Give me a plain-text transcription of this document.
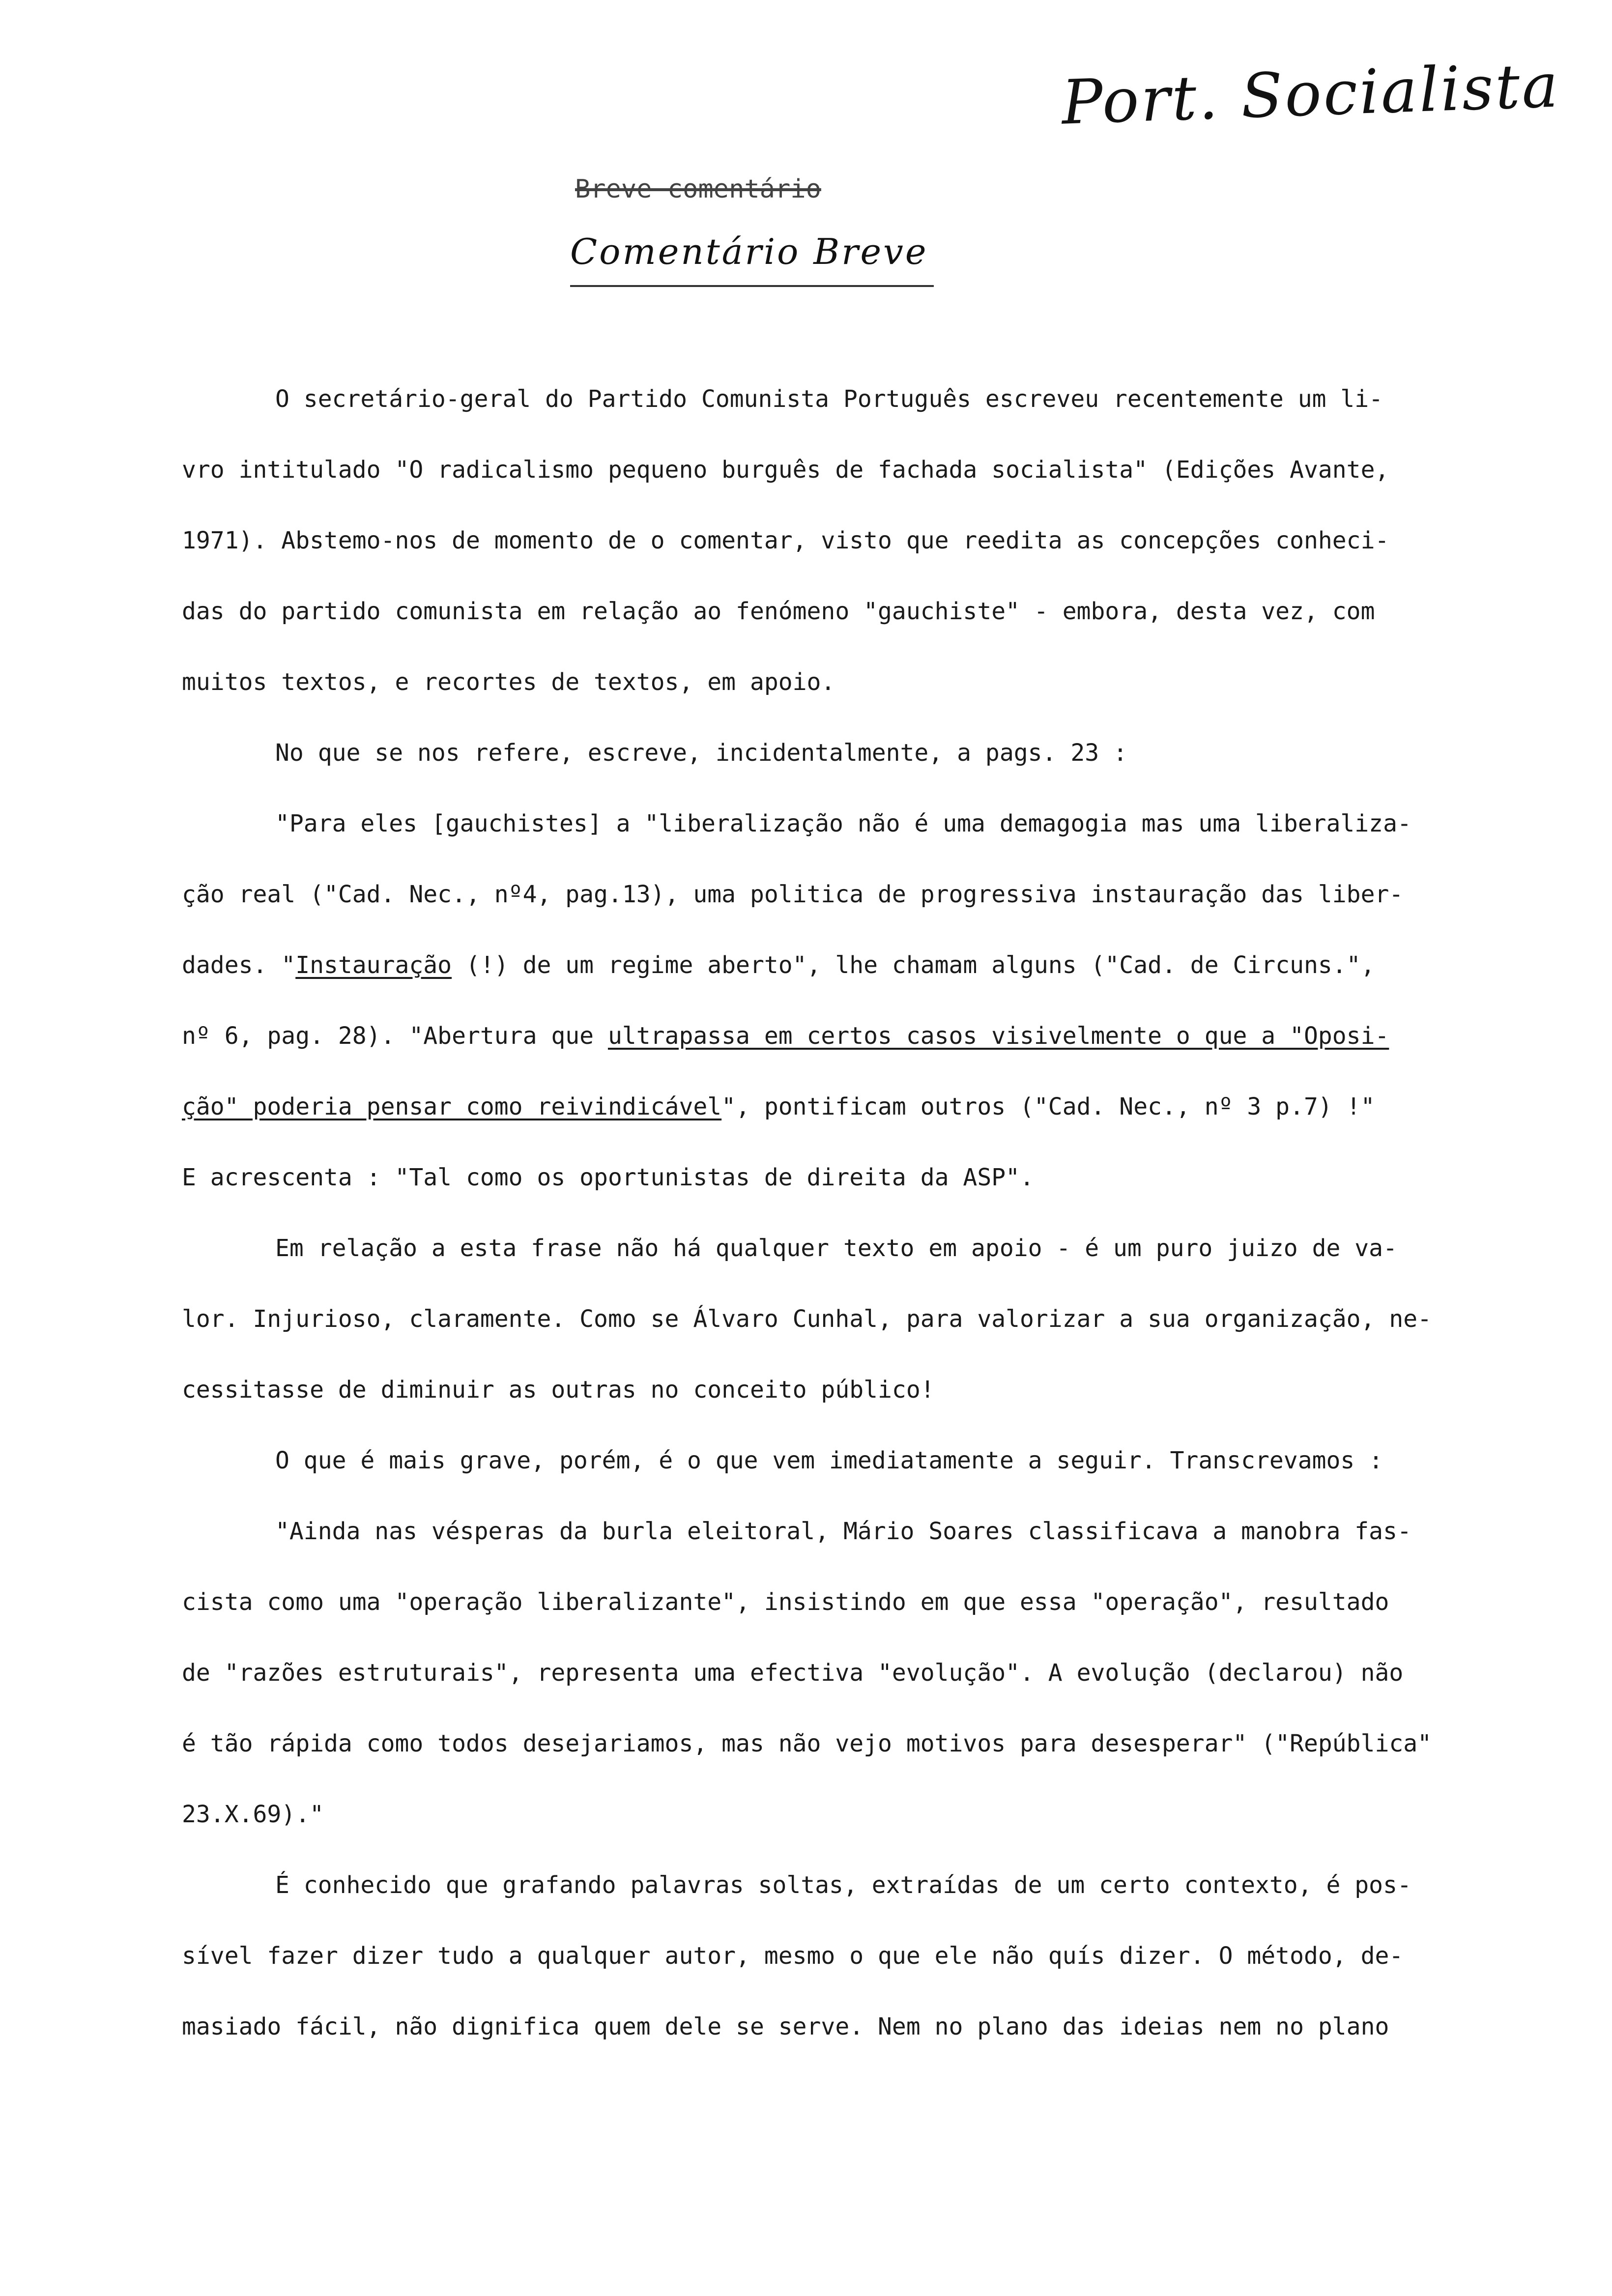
Port. Socialista
Breve comentário
Comentário Breve
O secretário-geral do Partido Comunista Português escreveu recentemente um li-
vro intitulado "O radicalismo pequeno burguês de fachada socialista" (Edições Avante,
1971). Abstemo-nos de momento de o comentar, visto que reedita as concepções conheci-
das do partido comunista em relação ao fenómeno "gauchiste" - embora, desta vez, com
muitos textos, e recortes de textos, em apoio.
No que se nos refere, escreve, incidentalmente, a pags. 23 :
"Para eles [gauchistes] a "liberalização não é uma demagogia mas uma liberaliza-
ção real ("Cad. Nec., nº4, pag.13), uma politica de progressiva instauração das liber-
dades. "Instauração (!) de um regime aberto", lhe chamam alguns ("Cad. de Circuns.",
nº 6, pag. 28). "Abertura que ultrapassa em certos casos visivelmente o que a "Oposi-
ção" poderia pensar como reivindicável", pontificam outros ("Cad. Nec., nº 3 p.7) !"
E acrescenta : "Tal como os oportunistas de direita da ASP".
Em relação a esta frase não há qualquer texto em apoio - é um puro juizo de va-
lor. Injurioso, claramente. Como se Álvaro Cunhal, para valorizar a sua organização, ne-
cessitasse de diminuir as outras no conceito público!
O que é mais grave, porém, é o que vem imediatamente a seguir. Transcrevamos :
"Ainda nas vésperas da burla eleitoral, Mário Soares classificava a manobra fas-
cista como uma "operação liberalizante", insistindo em que essa "operação", resultado
de "razões estruturais", representa uma efectiva "evolução". A evolução (declarou) não
é tão rápida como todos desejariamos, mas não vejo motivos para desesperar" ("República"
23.X.69)."
É conhecido que grafando palavras soltas, extraídas de um certo contexto, é pos-
sível fazer dizer tudo a qualquer autor, mesmo o que ele não quís dizer. O método, de-
masiado fácil, não dignifica quem dele se serve. Nem no plano das ideias nem no plano
